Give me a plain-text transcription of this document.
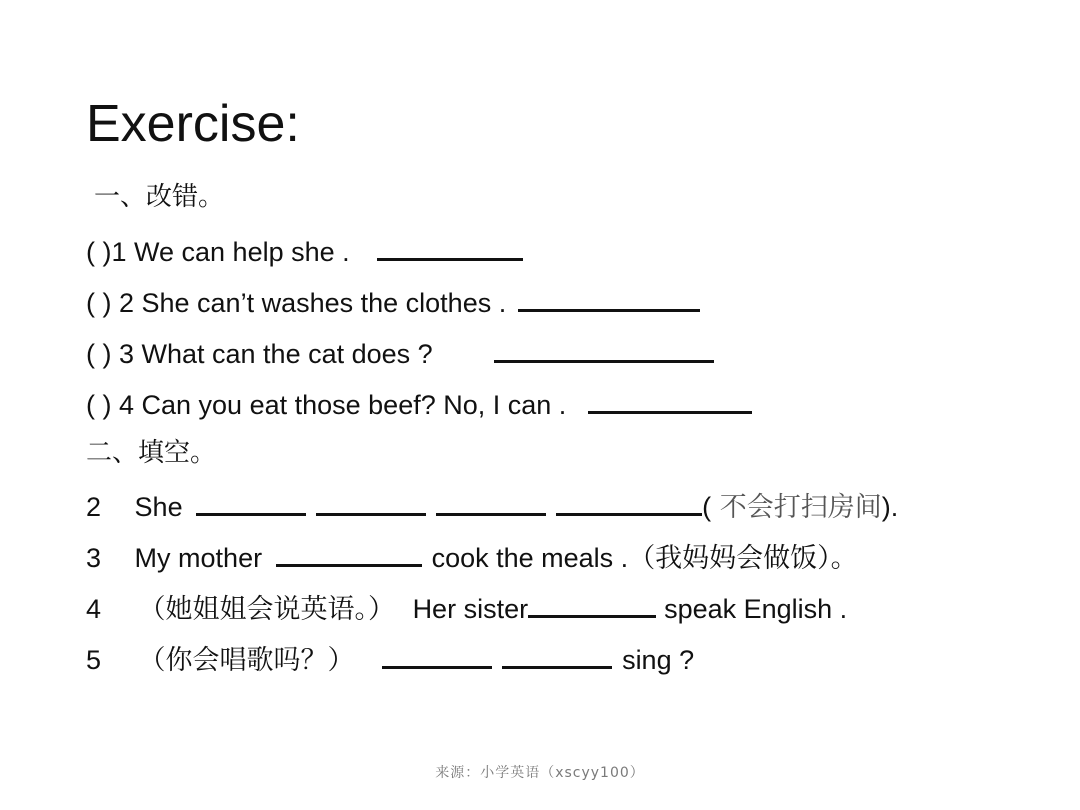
Exercise:
一、改错。
( )1 We can help she .
( ) 2 She can’t washes the clothes .
( ) 3 What can the cat does ?
( ) 4 Can you eat those beef? No, I can .
二、填空。
2 She	( 不会打扫房间).
3 My mother	cook the meals .（我妈妈会做饭）。
4 （她姐姐会说英语。） Her sister	speak English .
5 （你会唱歌吗？）	sing ?
来源：小学英语（xscyy100）
